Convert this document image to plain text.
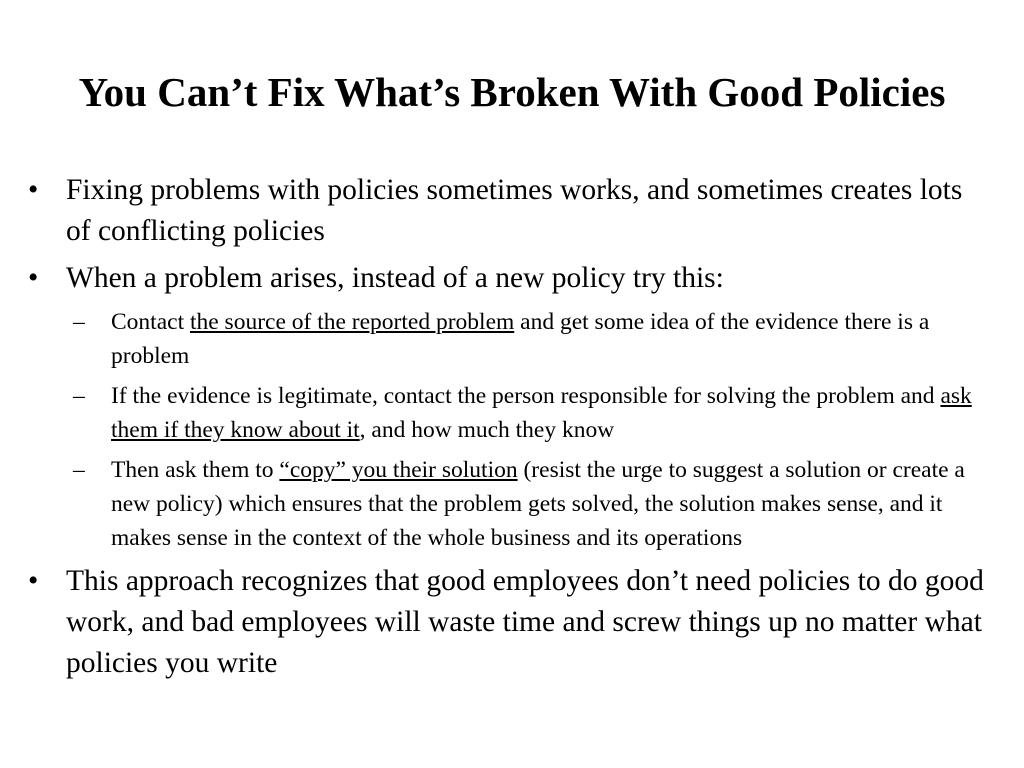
You Can’t Fix What’s Broken With Good Policies
• Fixing problems with policies sometimes works, and sometimes creates lots of conflicting policies
• When a problem arises, instead of a new policy try this:
–	Contact the source of the reported problem and get some idea of the evidence there is a problem
–	If the evidence is legitimate, contact the person responsible for solving the problem and ask them if they know about it, and how much they know
–	Then ask them to “copy” you their solution (resist the urge to suggest a solution or create a new policy) which ensures that the problem gets solved, the solution makes sense, and it makes sense in the context of the whole business and its operations
• This approach recognizes that good employees don’t need policies to do good work, and bad employees will waste time and screw things up no matter what policies you write
